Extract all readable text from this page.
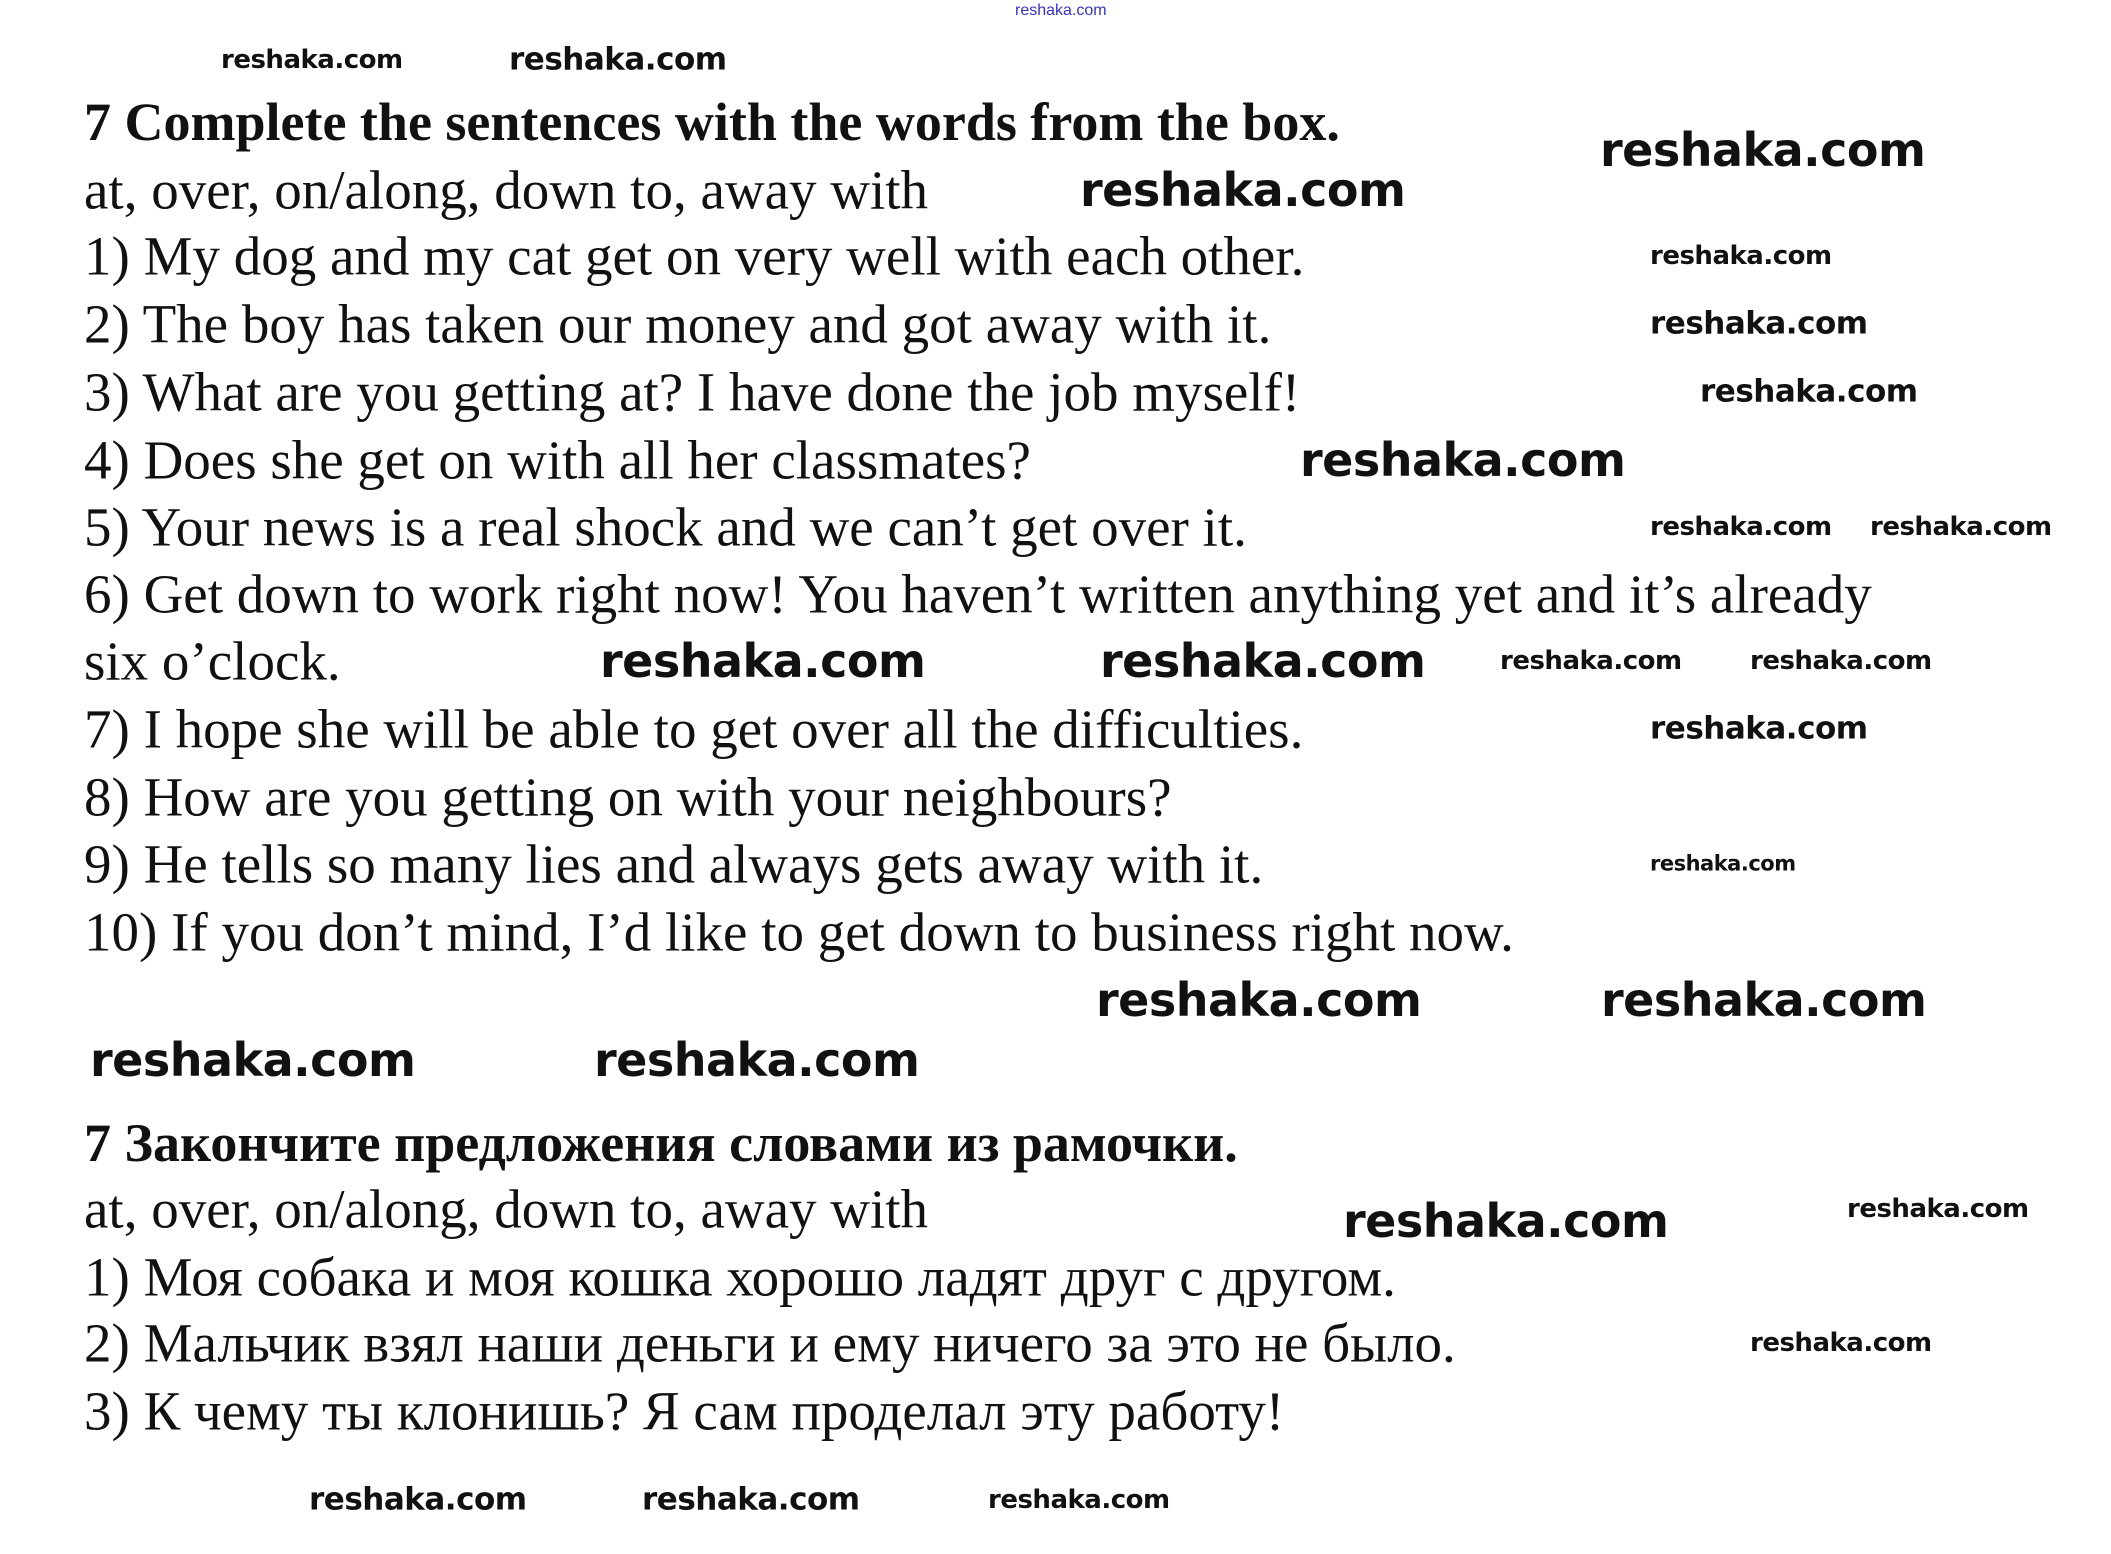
reshaka.com
7 Complete the sentences with the words from the box.
at, over, on/along, down to, away with
1) My dog and my cat get on very well with each other.
2) The boy has taken our money and got away with it.
3) What are you getting at? I have done the job myself!
4) Does she get on with all her classmates?
5) Your news is a real shock and we can’t get over it.
6) Get down to work right now! You haven’t written anything yet and it’s already
six o’clock.
7) I hope she will be able to get over all the difficulties.
8) How are you getting on with your neighbours?
9) He tells so many lies and always gets away with it.
10) If you don’t mind, I’d like to get down to business right now.
7 Закончите предложения словами из рамочки.
at, over, on/along, down to, away with
1) Моя собака и моя кошка хорошо ладят друг с другом.
2) Мальчик взял наши деньги и ему ничего за это не было.
3) К чему ты клонишь? Я сам проделал эту работу!
reshaka.com
reshaka.com
reshaka.com
reshaka.com	reshaka.com
reshaka.com	reshaka.com
reshaka.com	reshaka.com
reshaka.com
reshaka.com	reshaka.com
reshaka.com
reshaka.com
reshaka.com
reshaka.com reshaka.com
reshaka.com	reshaka.com
reshaka.com
reshaka.com
reshaka.com
reshaka.com	reshaka.com
reshaka.com
reshaka.com
